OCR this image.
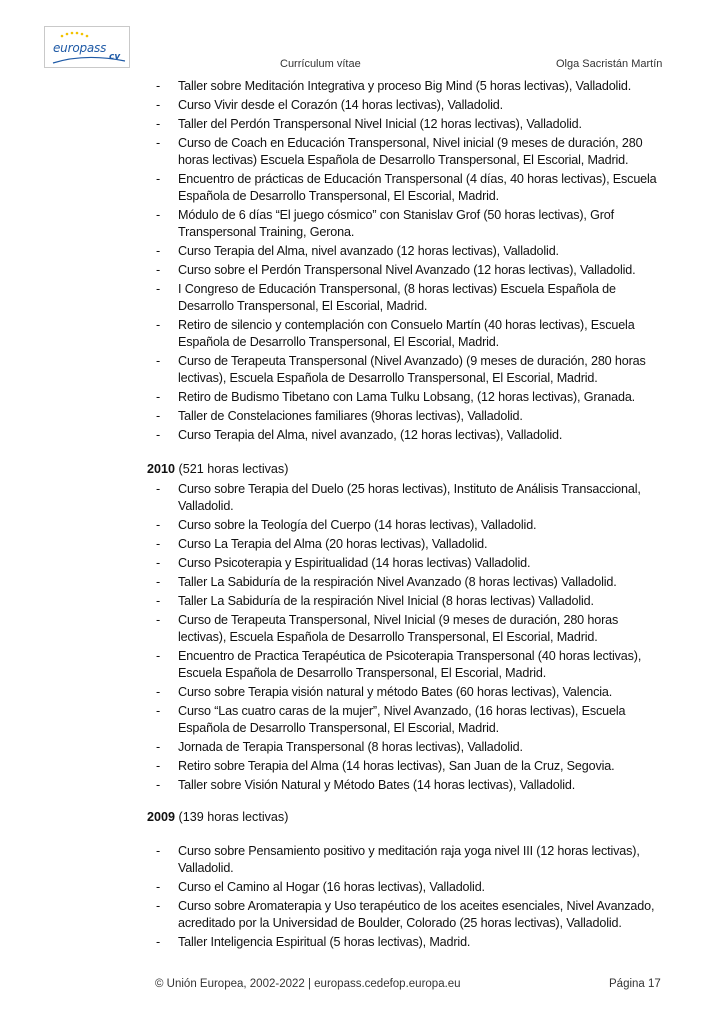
europass
cv
Currículum vítae	Olga Sacristán Martín
-	Taller sobre Meditación Integrativa y proceso Big Mind (5 horas lectivas), Valladolid.
-	Curso Vivir desde el Corazón (14 horas lectivas), Valladolid.
-	Taller del Perdón Transpersonal Nivel Inicial (12 horas lectivas), Valladolid.
-	Curso de Coach en Educación Transpersonal, Nivel inicial (9 meses de duración, 280 horas lectivas) Escuela Española de Desarrollo Transpersonal, El Escorial, Madrid.
-	Encuentro de prácticas de Educación Transpersonal (4 días, 40 horas lectivas), Escuela Española de Desarrollo Transpersonal, El Escorial, Madrid.
-	Módulo de 6 días “El juego cósmico” con Stanislav Grof (50 horas lectivas), Grof Transpersonal Training, Gerona.
-	Curso Terapia del Alma, nivel avanzado (12 horas lectivas), Valladolid.
-	Curso sobre el Perdón Transpersonal Nivel Avanzado (12 horas lectivas), Valladolid.
-	I Congreso de Educación Transpersonal, (8 horas lectivas) Escuela Española de Desarrollo Transpersonal, El Escorial, Madrid.
-	Retiro de silencio y contemplación con Consuelo Martín (40 horas lectivas), Escuela Española de Desarrollo Transpersonal, El Escorial, Madrid.
-	Curso de Terapeuta Transpersonal (Nivel Avanzado) (9 meses de duración, 280 horas lectivas), Escuela Española de Desarrollo Transpersonal, El Escorial, Madrid.
-	Retiro de Budismo Tibetano con Lama Tulku Lobsang, (12 horas lectivas), Granada.
-	Taller de Constelaciones familiares (9horas lectivas), Valladolid.
-	Curso Terapia del Alma, nivel avanzado, (12 horas lectivas), Valladolid.
2010 (521 horas lectivas)
-	Curso sobre Terapia del Duelo (25 horas lectivas), Instituto de Análisis Transaccional, Valladolid.
-	Curso sobre la Teología del Cuerpo (14 horas lectivas), Valladolid.
-	Curso La Terapia del Alma (20 horas lectivas), Valladolid.
-	Curso Psicoterapia y Espiritualidad (14 horas lectivas) Valladolid.
-	Taller La Sabiduría de la respiración Nivel Avanzado (8 horas lectivas) Valladolid.
-	Taller La Sabiduría de la respiración Nivel Inicial (8 horas lectivas) Valladolid.
-	Curso de Terapeuta Transpersonal, Nivel Inicial (9 meses de duración, 280 horas lectivas), Escuela Española de Desarrollo Transpersonal, El Escorial, Madrid.
-	Encuentro de Practica Terapéutica de Psicoterapia Transpersonal (40 horas lectivas), Escuela Española de Desarrollo Transpersonal, El Escorial, Madrid.
-	Curso sobre Terapia visión natural y método Bates (60 horas lectivas), Valencia.
-	Curso “Las cuatro caras de la mujer”, Nivel Avanzado, (16 horas lectivas), Escuela Española de Desarrollo Transpersonal, El Escorial, Madrid.
-	Jornada de Terapia Transpersonal (8 horas lectivas), Valladolid.
-	Retiro sobre Terapia del Alma (14 horas lectivas), San Juan de la Cruz, Segovia.
-	Taller sobre Visión Natural y Método Bates (14 horas lectivas), Valladolid.
2009 (139 horas lectivas)
-	Curso sobre Pensamiento positivo y meditación raja yoga nivel III (12 horas lectivas), Valladolid.
-	Curso el Camino al Hogar (16 horas lectivas), Valladolid.
-	Curso sobre Aromaterapia y Uso terapéutico de los aceites esenciales, Nivel Avanzado, acreditado por la Universidad de Boulder, Colorado (25 horas lectivas), Valladolid.
-	Taller Inteligencia Espiritual (5 horas lectivas), Madrid.
© Unión Europea, 2002-2022 | europass.cedefop.europa.eu	Página 17
